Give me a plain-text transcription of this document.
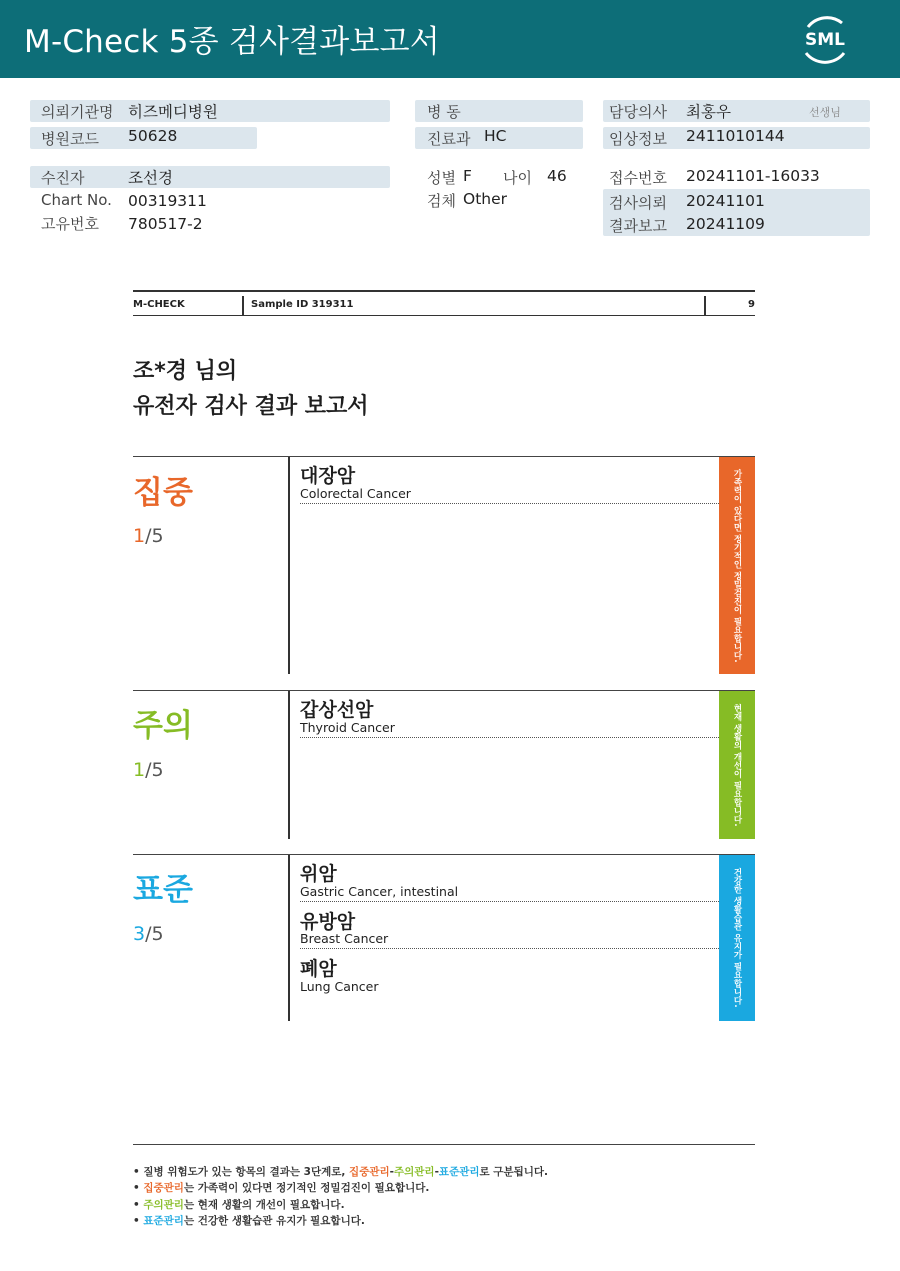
M-Check 5종 검사결과보고서	SML
의뢰기관명 히즈메디병원
병원코드 50628
수진자	조선경
Chart No. 00319311
고유번호 780517-2
병 동
진료과 HC
성별 F 나이 46
검체 Other
담당의사 최홍우	선생님
임상정보 2411010144
접수번호 20241101-16033
검사의뢰 20241101
결과보고 20241109
M-CHECK	Sample ID 319311	9
조*경 님의
유전자 검사 결과 보고서
집중
1/5
대장암
Colorectal Cancer	가족력이 있다면 정기적인 정밀검진이 필요합니다.
주의
1/5
갑상선암
Thyroid Cancer	현재 생활의 개선이 필요합니다.
표준
3/5
위암
Gastric Cancer, intestinal
유방암
Breast Cancer
폐암
Lung Cancer	건강한 생활습관 유지가 필요합니다.
• 질병 위험도가 있는 항목의 결과는 3단계로, 집중관리-주의관리-표준관리로 구분됩니다.
• 집중관리는 가족력이 있다면 정기적인 정밀검진이 필요합니다.
• 주의관리는 현재 생활의 개선이 필요합니다.
• 표준관리는 건강한 생활습관 유지가 필요합니다.
